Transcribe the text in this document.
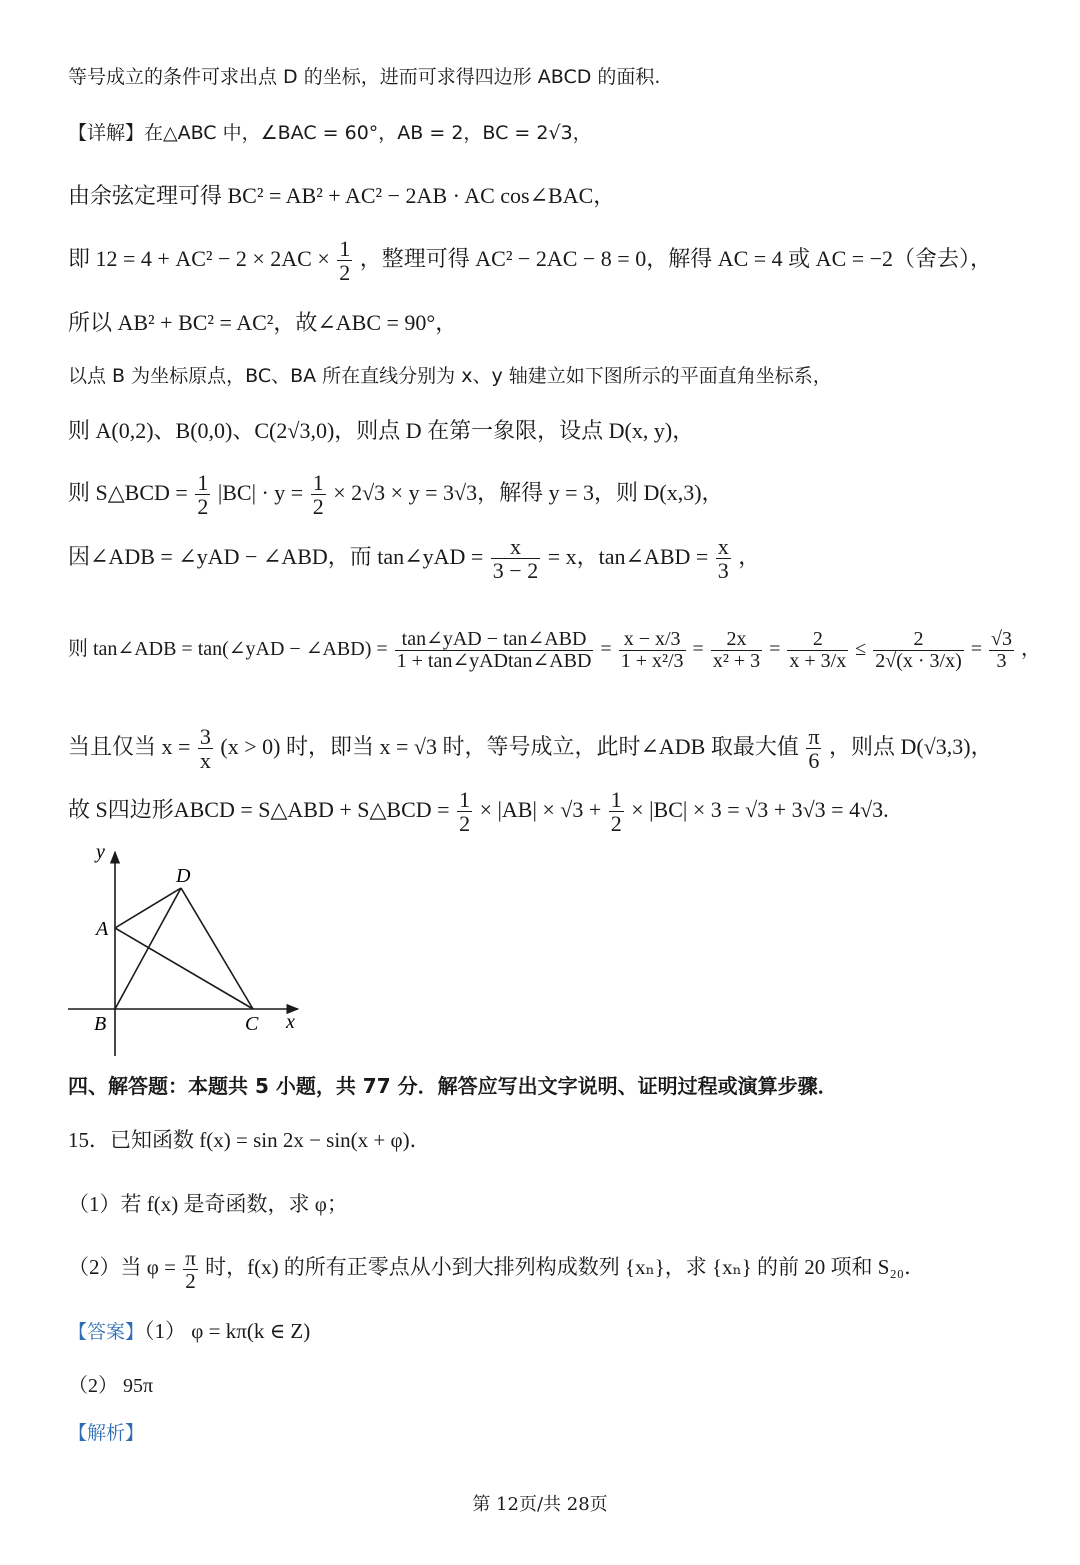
等号成立的条件可求出点 D 的坐标，进而可求得四边形 ABCD 的面积.
【详解】在△ABC 中，∠BAC = 60°，AB = 2，BC = 2√3，
由余弦定理可得 BC² = AB² + AC² − 2AB · AC cos∠BAC，
即 $12 = 4 + AC^2 - 2 \times 2AC \times \frac{1}{2}$ ，整理可得 AC² − 2AC − 8 = 0，解得 AC = 4 或 AC = −2（舍去），
所以 AB² + BC² = AC²，故∠ABC = 90°，
以点 B 为坐标原点，BC、BA 所在直线分别为 x、y 轴建立如下图所示的平面直角坐标系，
则 A(0,2)、B(0,0)、C(2√3,0)，则点 D 在第一象限，设点 D(x, y)，
则 S△BCD = $\frac{1}{2} |BC| \cdot y = \frac{1}{2} \times 2√3 \times y = 3√3$，解得 y = 3，则 D(x,3)，
因∠ADB = ∠yAD − ∠ABD，而 tan∠yAD = $\frac{x}{3 - 2} = x$，tan∠ABD = $\frac{x}{3}$ ，
则 tan∠ADB = tan(∠yAD − ∠ABD) = $\frac{\text{tan∠yAD − tan∠ABD}}{\text{1 + tan∠yADtan∠ABD}} = \frac{x - x/3}{\text{1 + x²/3}} = \frac{2x}{\text{x² + 3}} = \frac{2}{x + 3/x} \le \frac{2}{2√(x \cdot 3/x)} = \frac{√3}{3}$ ，
当且仅当 $x = \frac{3}{x} (x > 0)$ 时，即当 x = √3 时，等号成立，此时∠ADB 取最大值 $\frac{\pi}{6}$ ，则点 D(√3,3)，
故 S四边形ABCD = S△ABD + S△BCD = $\frac{1}{2} \times |AB| \times √3 + \frac{1}{2} \times |BC| \times 3 = √3 + 3√3 = 4√3$.
y
A
D
B	C x
四、解答题：本题共 5 小题，共 77 分．解答应写出文字说明、证明过程或演算步骤．
15．已知函数 f(x) = sin 2x − sin(x + φ)．
（1）若 f(x) 是奇函数，求 φ；
（2）当 $\varphi = \frac{\pi}{2}$ 时，f(x) 的所有正零点从小到大排列构成数列 {xₙ}，求 {xₙ} 的前 20 项和 S₂₀．
【答案】（1） φ = kπ(k ∈ Z)
（2） 95π
【解析】
第 12页/共 28页
